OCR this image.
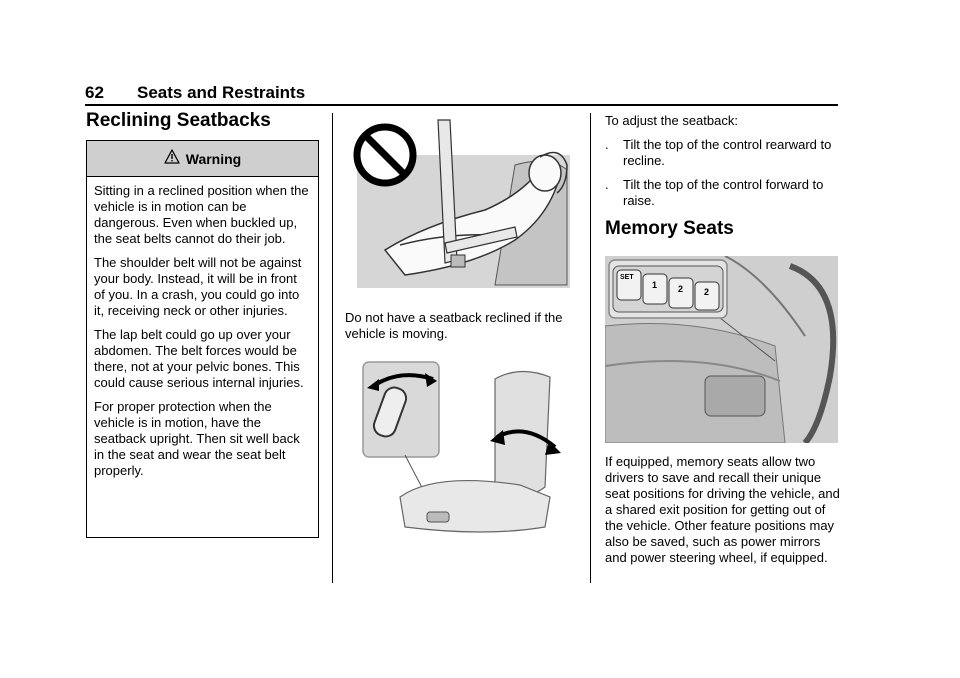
62 Seats and Restraints
Reclining Seatbacks
Warning

Sitting in a reclined position when the vehicle is in motion can be dangerous. Even when buckled up, the seat belts cannot do their job.

The shoulder belt will not be against your body. Instead, it will be in front of you. In a crash, you could go into it, receiving neck or other injuries.

The lap belt could go up over your abdomen. The belt forces would be there, not at your pelvic bones. This could cause serious internal injuries.

For proper protection when the vehicle is in motion, have the seatback upright. Then sit well back in the seat and wear the seat belt properly.

Do not have a seatback reclined if the vehicle is moving.
To adjust the seatback:
. Tilt the top of the control rearward to recline.
. Tilt the top of the control forward to raise.
Memory Seats
SET
1 2 2
If equipped, memory seats allow two drivers to save and recall their unique seat positions for driving the vehicle, and a shared exit position for getting out of the vehicle. Other feature positions may also be saved, such as power mirrors and power steering wheel, if equipped.
